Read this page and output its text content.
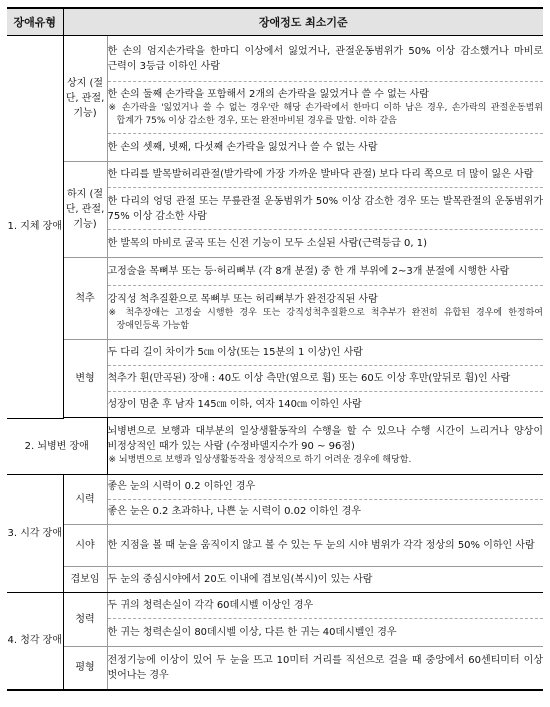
장애유형	장애정도 최소기준	
1. 지체 장애	상지 (절단, 관절, 기능)	한 손의 엄지손가락을 한마디 이상에서 잃었거나, 관절운동범위가 50% 이상 감소했거나 마비로 근력이 3등급 이하인 사람

		한 손의 둘째 손가락을 포함해서 2개의 손가락을 잃었거나 쓸 수 없는 사람
※ 손가락을 '잃었거나 쓸 수 없는 경우'란 해당 손가락에서 한마디 이하 남은 경우, 손가락의 관절운동범위 합계가 75% 이상 감소한 경우, 또는 완전마비된 경우를 말함. 이하 같음

		한 손의 셋째, 넷째, 다섯째 손가락을 잃었거나 쓸 수 없는 사람
	하지 (절단, 관절, 기능)	한 다리를 발목발허리관절(발가락에 가장 가까운 발바닥 관절) 보다 다리 쪽으로 더 많이 잃은 사람
		한 다리의 엉덩 관절 또는 무릎관절 운동범위가 50% 이상 감소한 경우 또는 발목관절의 운동범위가 75% 이상 감소한 사람
		한 발목의 마비로 굴곡 또는 신전 기능이 모두 소실된 사람(근력등급 0, 1)
	척추	고정술을 목뼈부 또는 등·허리뼈부 (각 8개 분절) 중 한 개 부위에 2~3개 분절에 시행한 사람

		강직성 척추질환으로 목뼈부 또는 허리뼈부가 완전강직된 사람
※ 척추장애는 고정술 시행한 경우 또는 강직성척추질환으로 척추부가 완전히 유합된 경우에 한정하여 장애인등록 가능함

	변형	두 다리 길이 차이가 5㎝ 이상(또는 15분의 1 이상)인 사람
		척추가 휜(만곡된) 장애 : 40도 이상 측만(옆으로 휨) 또는 60도 이상 후만(앞뒤로 휨)인 사람
		성장이 멈춘 후 남자 145㎝ 이하, 여자 140㎝ 이하인 사람

2. 뇌병변 장애		뇌병변으로 보행과 대부분의 일상생활동작의 수행을 할 수 있으나 수행 시간이 느리거나 양상이 비정상적인 때가 있는 사람 (수정바델지수가 90 ~ 96점)
※ 뇌병변으로 보행과 일상생활동작을 정상적으로 하기 어려운 경우에 해당함.

3. 시각 장애	시력	좋은 눈의 시력이 0.2 이하인 경우
		좋은 눈은 0.2 초과하나, 나쁜 눈 시력이 0.02 이하인 경우
	시야	한 지점을 볼 때 눈을 움직이지 않고 볼 수 있는 두 눈의 시야 범위가 각각 정상의 50% 이하인 사람
	겹보임	두 눈의 중심시야에서 20도 이내에 겹보임(복시)이 있는 사람
4. 청각 장애	청력	두 귀의 청력손실이 각각 60데시벨 이상인 경우
		한 귀는 청력손실이 80데시벨 이상, 다른 한 귀는 40데시벨인 경우
	평형	전정기능에 이상이 있어 두 눈을 뜨고 10미터 거리를 직선으로 걸을 때 중앙에서 60센티미터 이상 벗어나는 경우
